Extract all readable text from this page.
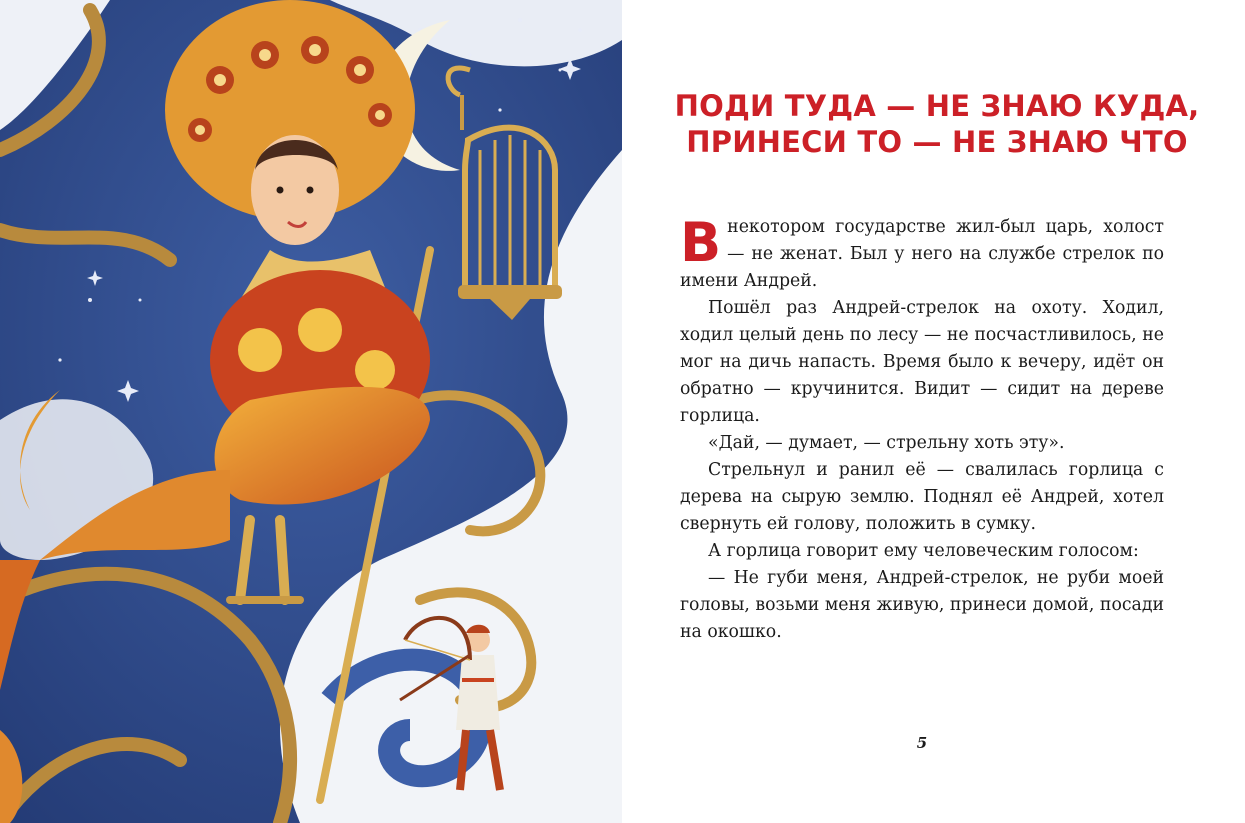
ПОДИ ТУДА — НЕ ЗНАЮ КУДА,
ПРИНЕСИ ТО — НЕ ЗНАЮ ЧТО

В некотором государстве жил-был царь, холост — не женат. Был у него на службе стрелок по имени Андрей.

Пошёл раз Андрей-стрелок на охоту. Ходил, ходил целый день по лесу — не посчастливилось, не мог на дичь напасть. Время было к вечеру, идёт он обратно — кручинится. Видит — сидит на дереве горлица.

«Дай, — думает, — стрельну хоть эту».

Стрельнул и ранил её — свалилась горлица с дерева на сырую землю. Поднял её Андрей, хотел свернуть ей голову, положить в сумку.

А горлица говорит ему человеческим голосом:

— Не губи меня, Андрей-стрелок, не руби моей головы, возьми меня живую, принеси домой, посади на окошко.

5
